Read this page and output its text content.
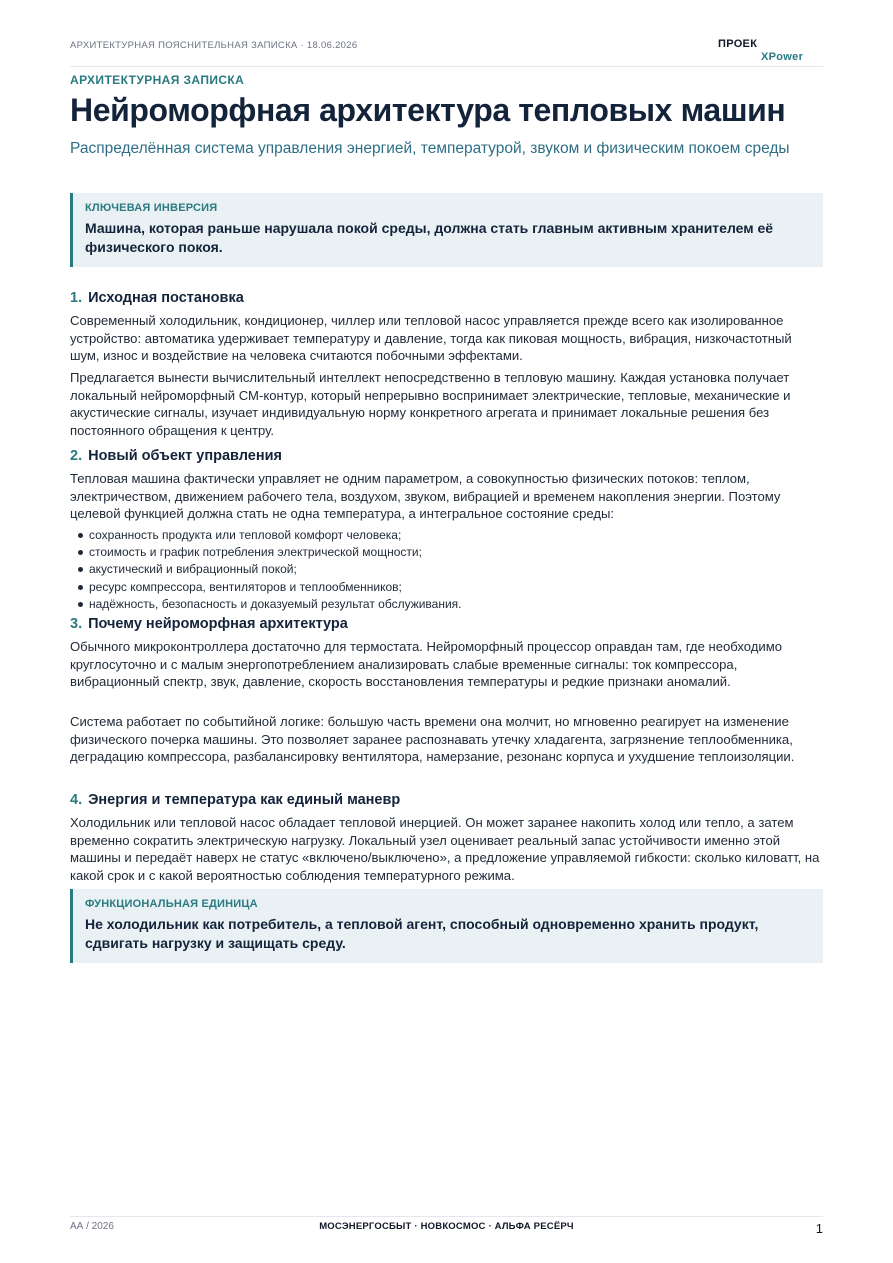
АРХИТЕКТУРНАЯ ПОЯСНИТЕЛЬНАЯ ЗАПИСКА · 18.06.2026	ПРОЕК
XPower
АРХИТЕКТУРНАЯ ЗАПИСКА
Нейроморфная архитектура тепловых машин
Распределённая система управления энергией, температурой, звуком и физическим покоем среды
КЛЮЧЕВАЯ ИНВЕРСИЯ
Машина, которая раньше нарушала покой среды, должна стать главным активным хранителем её физического покоя.
1. Исходная постановка

Современный холодильник, кондиционер, чиллер или тепловой насос управляется прежде всего как изолированное устройство: автоматика удерживает температуру и давление, тогда как пиковая мощность, вибрация, низкочастотный шум, износ и воздействие на человека считаются побочными эффектами.

Предлагается вынести вычислительный интеллект непосредственно в тепловую машину. Каждая установка получает локальный нейроморфный СМ-контур, который непрерывно воспринимает электрические, тепловые, механические и акустические сигналы, изучает индивидуальную норму конкретного агрегата и принимает локальные решения без постоянного обращения к центру.

2. Новый объект управления

Тепловая машина фактически управляет не одним параметром, а совокупностью физических потоков: теплом, электричеством, движением рабочего тела, воздухом, звуком, вибрацией и временем накопления энергии. Поэтому целевой функцией должна стать не одна температура, а интегральное состояние среды:

сохранность продукта или тепловой комфорт человека;
стоимость и график потребления электрической мощности;
акустический и вибрационный покой;
ресурс компрессора, вентиляторов и теплообменников;
надёжность, безопасность и доказуемый результат обслуживания.
3. Почему нейроморфная архитектура

Обычного микроконтроллера достаточно для термостата. Нейроморфный процессор оправдан там, где необходимо круглосуточно и с малым энергопотреблением анализировать слабые временные сигналы: ток компрессора, вибрационный спектр, звук, давление, скорость восстановления температуры и редкие признаки аномалий.

Система работает по событийной логике: большую часть времени она молчит, но мгновенно реагирует на изменение физического почерка машины. Это позволяет заранее распознавать утечку хладагента, загрязнение теплообменника, деградацию компрессора, разбалансировку вентилятора, намерзание, резонанс корпуса и ухудшение теплоизоляции.

4. Энергия и температура как единый маневр

Холодильник или тепловой насос обладает тепловой инерцией. Он может заранее накопить холод или тепло, а затем временно сократить электрическую нагрузку. Локальный узел оценивает реальный запас устойчивости именно этой машины и передаёт наверх не статус «включено/выключено», а предложение управляемой гибкости: сколько киловатт, на какой срок и с какой вероятностью соблюдения температурного режима.

ФУНКЦИОНАЛЬНАЯ ЕДИНИЦА
Не холодильник как потребитель, а тепловой агент, способный одновременно хранить продукт, сдвигать нагрузку и защищать среду.
АА / 2026	МОСЭНЕРГОСБЫТ · НОВКОСМОС · АЛЬФА РЕСЁРЧ	1
